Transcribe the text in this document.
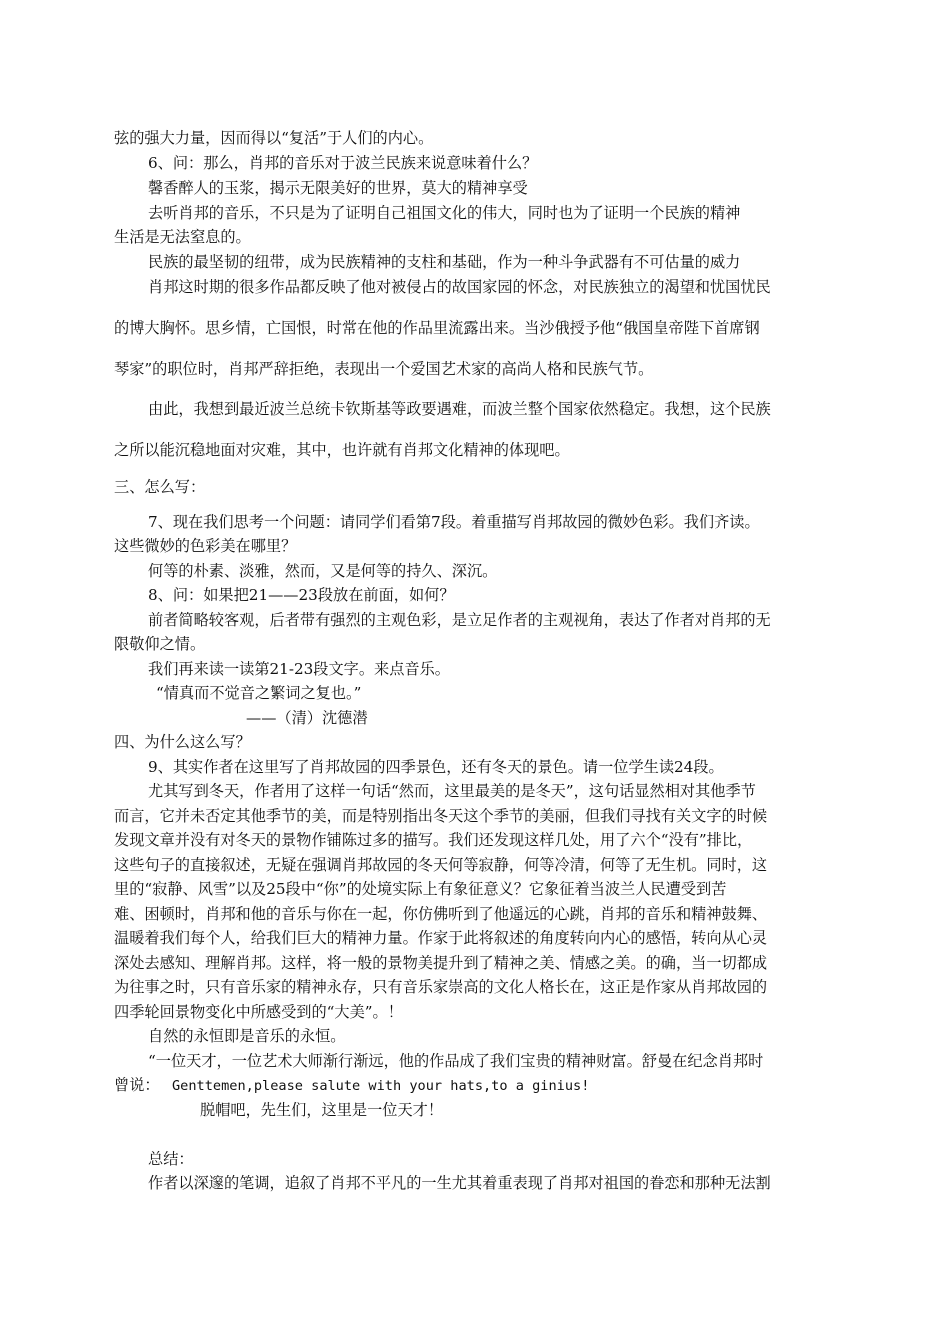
弦的强大力量，因而得以“复活”于人们的内心。
6、问：那么，肖邦的音乐对于波兰民族来说意味着什么？
馨香醉人的玉浆，揭示无限美好的世界，莫大的精神享受
去听肖邦的音乐，不只是为了证明自己祖国文化的伟大，同时也为了证明一个民族的精神
生活是无法窒息的。
民族的最坚韧的纽带，成为民族精神的支柱和基础，作为一种斗争武器有不可估量的威力
肖邦这时期的很多作品都反映了他对被侵占的故国家园的怀念，对民族独立的渴望和忧国忧民
的博大胸怀。思乡情，亡国恨，时常在他的作品里流露出来。当沙俄授予他“俄国皇帝陛下首席钢
琴家”的职位时，肖邦严辞拒绝，表现出一个爱国艺术家的高尚人格和民族气节。
由此，我想到最近波兰总统卡钦斯基等政要遇难，而波兰整个国家依然稳定。我想，这个民族
之所以能沉稳地面对灾难，其中，也许就有肖邦文化精神的体现吧。
三、怎么写：
7、现在我们思考一个问题：请同学们看第7段。着重描写肖邦故园的微妙色彩。我们齐读。
这些微妙的色彩美在哪里？
何等的朴素、淡雅，然而，又是何等的持久、深沉。
8、问：如果把21——23段放在前面，如何？
前者简略较客观，后者带有强烈的主观色彩，是立足作者的主观视角，表达了作者对肖邦的无
限敬仰之情。
我们再来读一读第21-23段文字。来点音乐。
“情真而不觉音之繁词之复也。”
——（清）沈德潜
四、为什么这么写？
9、其实作者在这里写了肖邦故园的四季景色，还有冬天的景色。请一位学生读24段。
尤其写到冬天，作者用了这样一句话“然而，这里最美的是冬天”，这句话显然相对其他季节
而言，它并未否定其他季节的美，而是特别指出冬天这个季节的美丽，但我们寻找有关文字的时候
发现文章并没有对冬天的景物作铺陈过多的描写。我们还发现这样几处，用了六个“没有”排比，
这些句子的直接叙述，无疑在强调肖邦故园的冬天何等寂静，何等冷清，何等了无生机。同时，这
里的“寂静、风雪”以及25段中“你”的处境实际上有象征意义？它象征着当波兰人民遭受到苦
难、困顿时，肖邦和他的音乐与你在一起，你仿佛听到了他遥远的心跳，肖邦的音乐和精神鼓舞、
温暖着我们每个人，给我们巨大的精神力量。作家于此将叙述的角度转向内心的感悟，转向从心灵
深处去感知、理解肖邦。这样，将一般的景物美提升到了精神之美、情感之美。的确，当一切都成
为往事之时，只有音乐家的精神永存，只有音乐家崇高的文化人格长在，这正是作家从肖邦故园的
四季轮回景物变化中所感受到的“大美”。！
自然的永恒即是音乐的永恒。
“一位天才，一位艺术大师渐行渐远，他的作品成了我们宝贵的精神财富。舒曼在纪念肖邦时
曾说： Genttemen,please salute with your hats,to a ginius!
脱帽吧，先生们，这里是一位天才！
总结：
作者以深邃的笔调，追叙了肖邦不平凡的一生尤其着重表现了肖邦对祖国的眷恋和那种无法割
